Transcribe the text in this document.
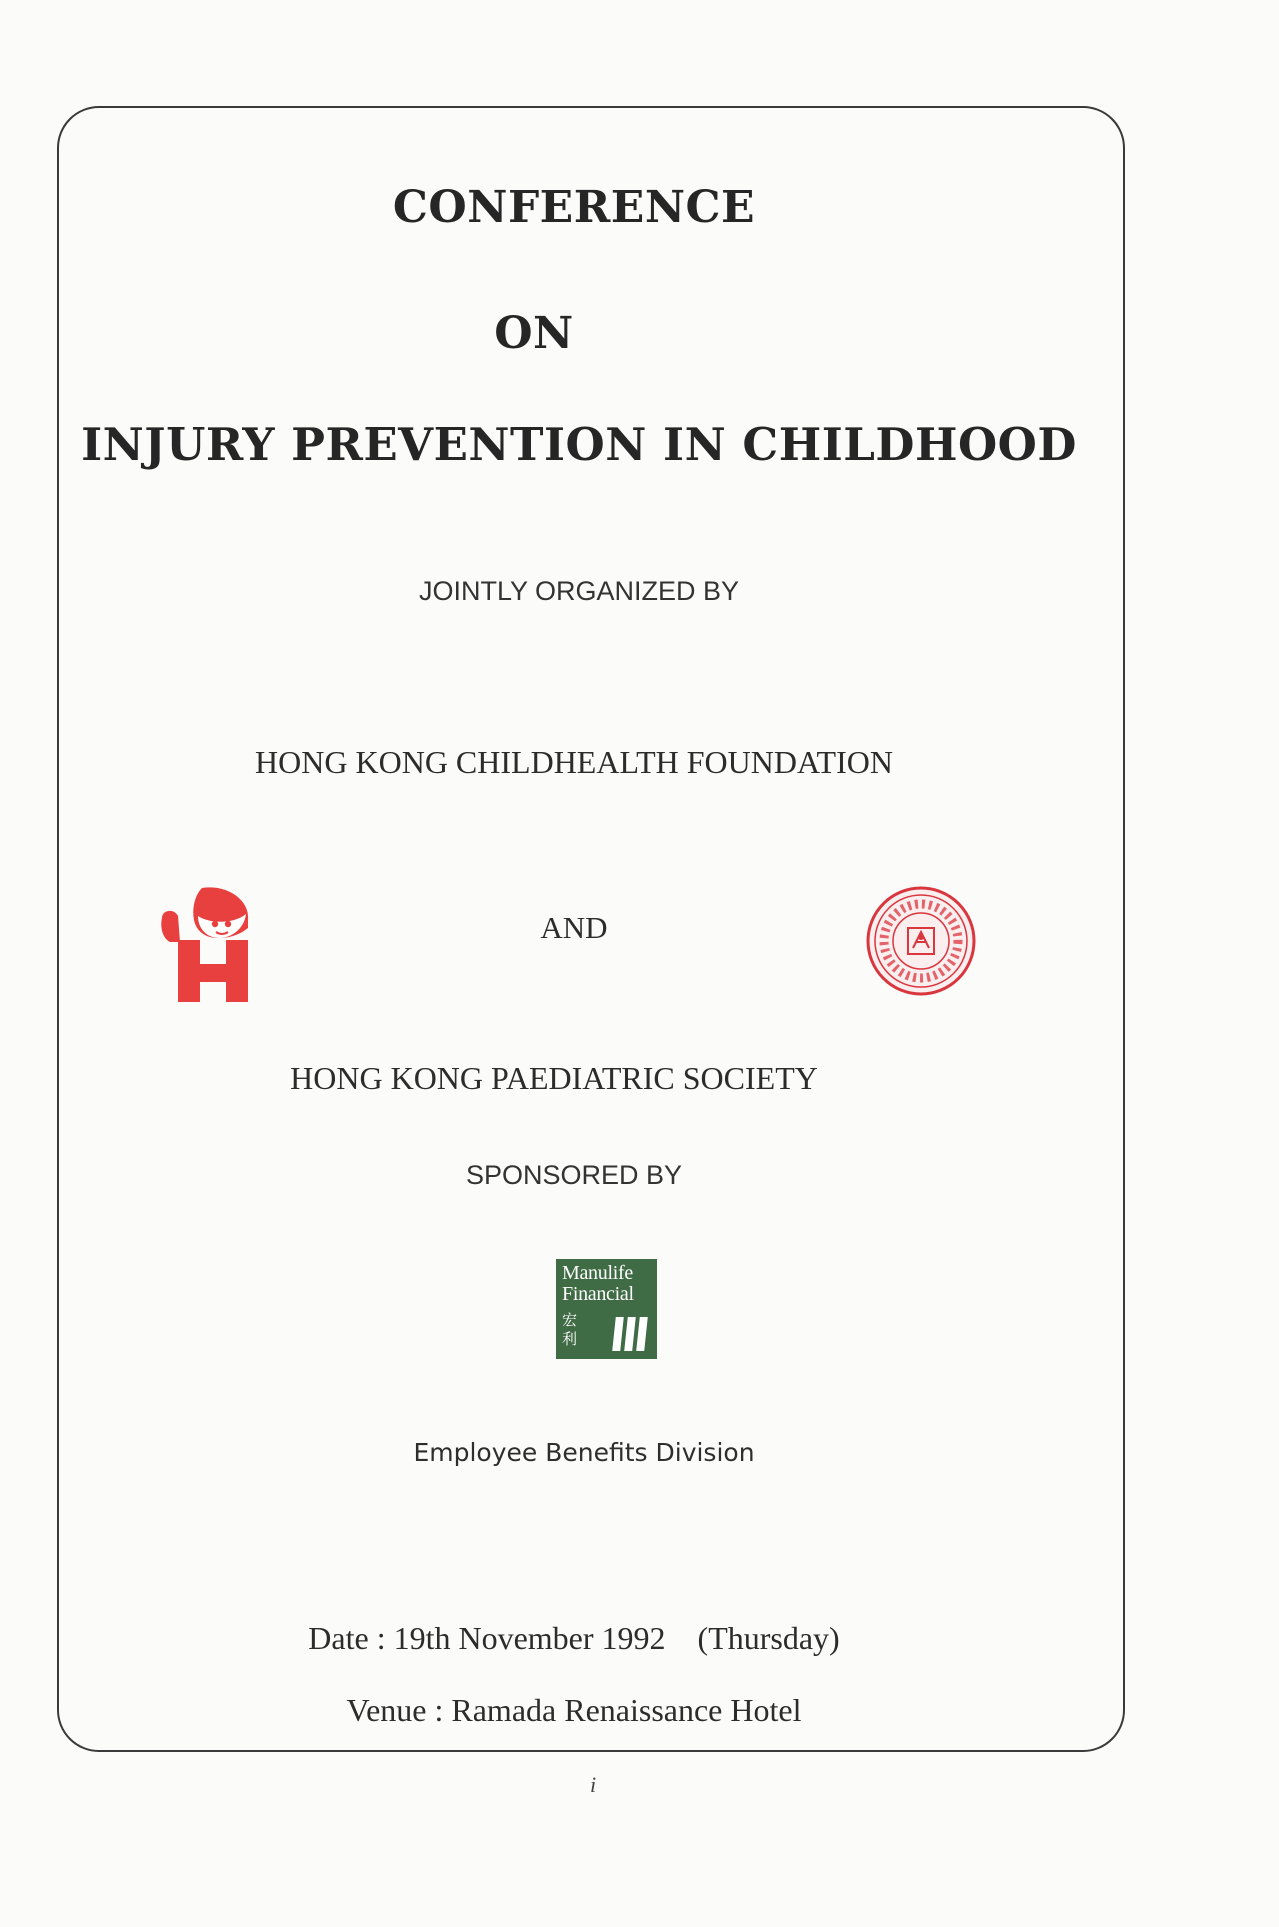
CONFERENCE
ON
INJURY PREVENTION IN CHILDHOOD
JOINTLY ORGANIZED BY
HONG KONG CHILDHEALTH FOUNDATION
AND
HONG KONG PAEDIATRIC SOCIETY
SPONSORED BY
Manulife
Financial
宏
利
Employee Benefits Division
Date : 19th November 1992    (Thursday)
Venue : Ramada Renaissance Hotel
i
